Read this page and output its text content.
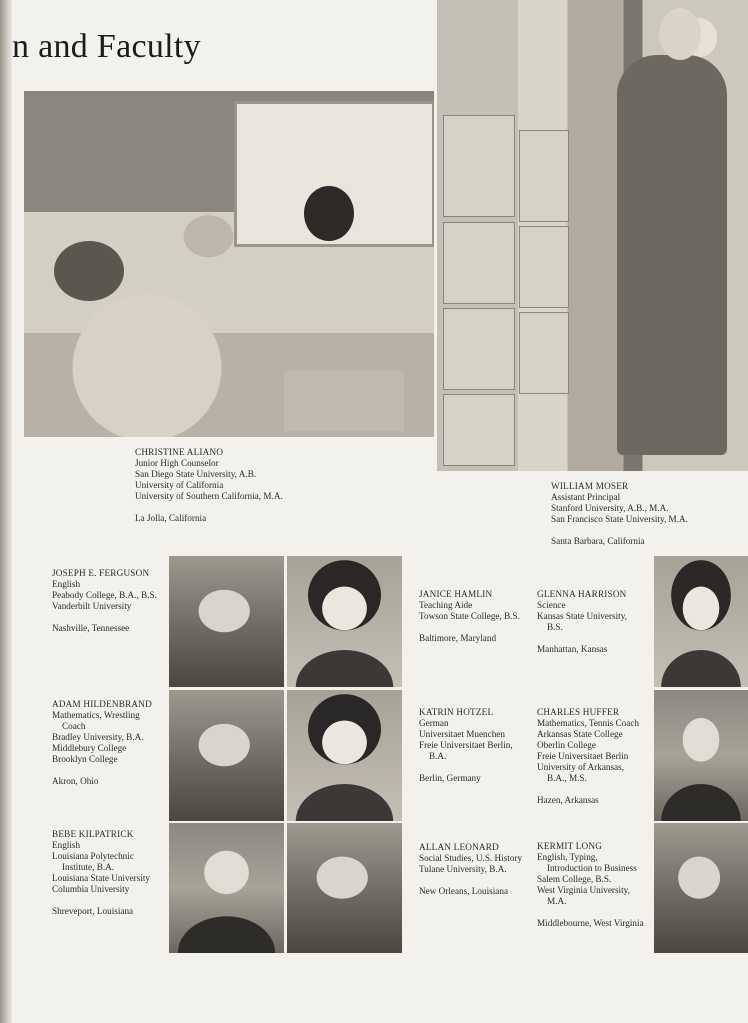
n and Faculty
CHRISTINE ALIANO
Junior High Counselor
San Diego State University, A.B.
University of California
University of Southern California, M.A.
La Jolla, California
WILLIAM MOSER
Assistant Principal
Stanford University, A.B., M.A.
San Francisco State University, M.A.
Santa Barbara, California
JOSEPH E. FERGUSON
English
Peabody College, B.A., B.S.
Vanderbilt University
Nashville, Tennessee
JANICE HAMLIN
Teaching Aide
Towson State College, B.S.
Baltimore, Maryland
GLENNA HARRISON
Science
Kansas State University,
B.S.
Manhattan, Kansas
ADAM HILDENBRAND
Mathematics, Wrestling
Coach
Bradley University, B.A.
Middlebury College
Brooklyn College
Akron, Ohio
KATRIN HOTZEL
German
Universitaet Muenchen
Freie Universitaet Berlin,
B.A.
Berlin, Germany
CHARLES HUFFER
Mathematics, Tennis Coach
Arkansas State College
Oberlin College
Freie Universitaet Berlin
University of Arkansas,
B.A., M.S.
Hazen, Arkansas
BEBE KILPATRICK
English
Louisiana Polytechnic
Institute, B.A.
Louisiana State University
Columbia University
Shreveport, Louisiana
ALLAN LEONARD
Social Studies, U.S. History
Tulane University, B.A.
New Orleans, Louisiana
KERMIT LONG
English, Typing,
Introduction to Business
Salem College, B.S.
West Virginia University,
M.A.
Middlebourne, West Virginia
